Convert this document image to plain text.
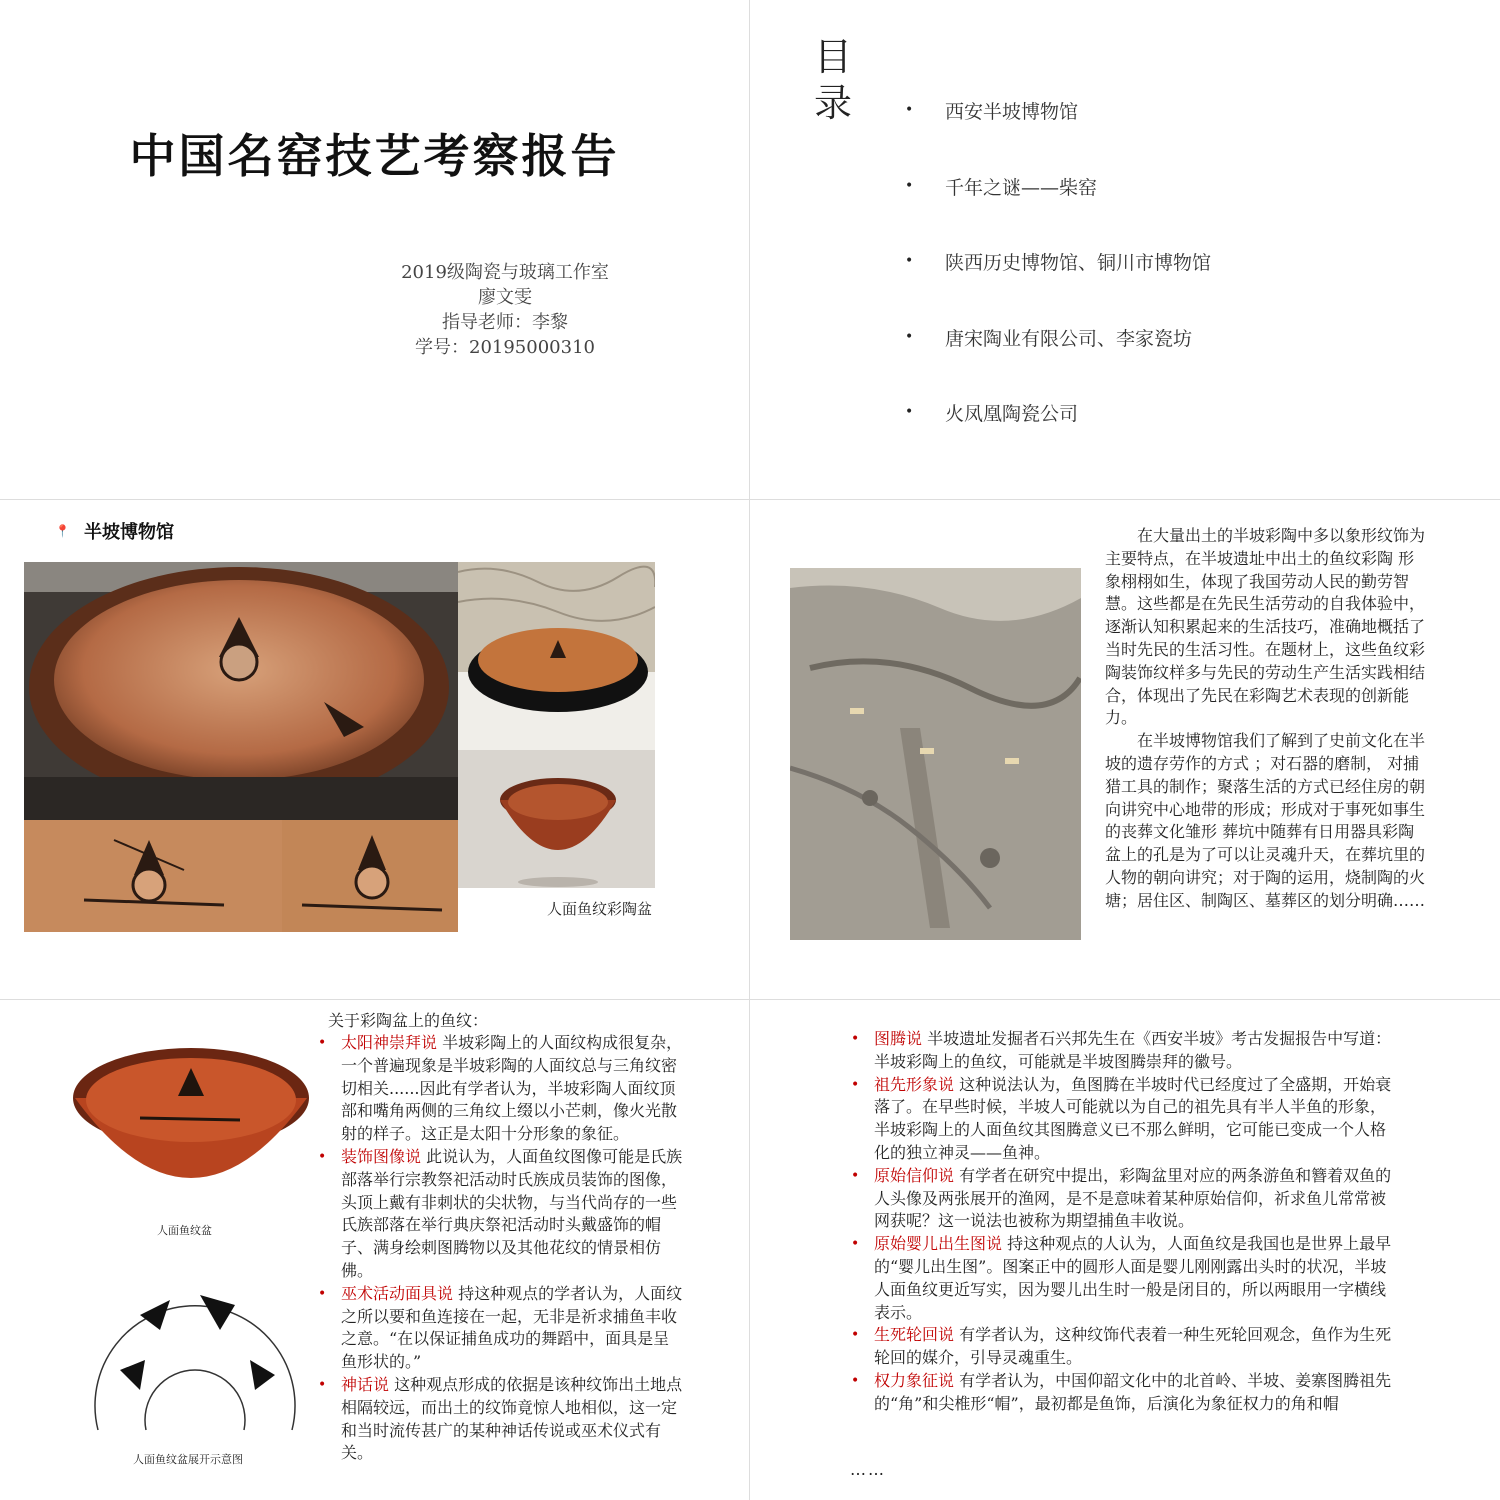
中国名窑技艺考察报告
2019级陶瓷与玻璃工作室
廖文雯
指导老师：李黎
学号：20195000310
目录	•	西安半坡博物馆
•	千年之谜——柴窑
•	陕西历史博物馆、铜川市博物馆
•	唐宋陶业有限公司、李家瓷坊
•	火凤凰陶瓷公司
📍 半坡博物馆
人面鱼纹彩陶盆

在大量出土的半坡彩陶中多以象形纹饰为主要特点，在半坡遗址中出土的鱼纹彩陶 形象栩栩如生，体现了我国劳动人民的勤劳智慧。这些都是在先民生活劳动的自我体验中，逐渐认知积累起来的生活技巧，准确地概括了当时先民的生活习性。在题材上，这些鱼纹彩陶装饰纹样多与先民的劳动生产生活实践相结合，体现出了先民在彩陶艺术表现的创新能力。

在半坡博物馆我们了解到了史前文化在半坡的遗存劳作的方式 ；对石器的磨制， 对捕猎工具的制作；聚落生活的方式已经住房的朝向讲究中心地带的形成；形成对于事死如事生的丧葬文化雏形 葬坑中随葬有日用器具彩陶盆上的孔是为了可以让灵魂升天，在葬坑里的人物的朝向讲究；对于陶的运用，烧制陶的火塘；居住区、制陶区、墓葬区的划分明确……

人面鱼纹盆
人面鱼纹盆展开示意图
关于彩陶盆上的鱼纹：
• 太阳神崇拜说 半坡彩陶上的人面纹构成很复杂，一个普遍现象是半坡彩陶的人面纹总与三角纹密切相关......因此有学者认为，半坡彩陶人面纹顶部和嘴角两侧的三角纹上缀以小芒刺，像火光散射的样子。这正是太阳十分形象的象征。
• 装饰图像说 此说认为，人面鱼纹图像可能是氏族部落举行宗教祭祀活动时氏族成员装饰的图像，头顶上戴有非刺状的尖状物，与当代尚存的一些氏族部落在举行典庆祭祀活动时头戴盛饰的帽子、满身绘刺图腾物以及其他花纹的情景相仿佛。
• 巫术活动面具说 持这种观点的学者认为，人面纹之所以要和鱼连接在一起，无非是祈求捕鱼丰收之意。“在以保证捕鱼成功的舞蹈中，面具是呈鱼形状的。”
• 神话说 这种观点形成的依据是该种纹饰出土地点相隔较远，而出土的纹饰竟惊人地相似，这一定和当时流传甚广的某种神话传说或巫术仪式有关。
• 图腾说 半坡遗址发掘者石兴邦先生在《西安半坡》考古发掘报告中写道：半坡彩陶上的鱼纹，可能就是半坡图腾崇拜的徽号。
• 祖先形象说 这种说法认为，鱼图腾在半坡时代已经度过了全盛期，开始衰落了。在早些时候，半坡人可能就以为自己的祖先具有半人半鱼的形象，半坡彩陶上的人面鱼纹其图腾意义已不那么鲜明，它可能已变成一个人格化的独立神灵——鱼神。
• 原始信仰说 有学者在研究中提出，彩陶盆里对应的两条游鱼和簪着双鱼的人头像及两张展开的渔网，是不是意味着某种原始信仰，祈求鱼儿常常被网获呢？这一说法也被称为期望捕鱼丰收说。
• 原始婴儿出生图说 持这种观点的人认为，人面鱼纹是我国也是世界上最早的“婴儿出生图”。图案正中的圆形人面是婴儿刚刚露出头时的状况，半坡人面鱼纹更近写实，因为婴儿出生时一般是闭目的，所以两眼用一字横线表示。
• 生死轮回说 有学者认为，这种纹饰代表着一种生死轮回观念，鱼作为生死轮回的媒介，引导灵魂重生。
• 权力象征说 有学者认为，中国仰韶文化中的北首岭、半坡、姜寨图腾祖先的“角”和尖椎形“帽”，最初都是鱼饰，后演化为象征权力的角和帽
……
